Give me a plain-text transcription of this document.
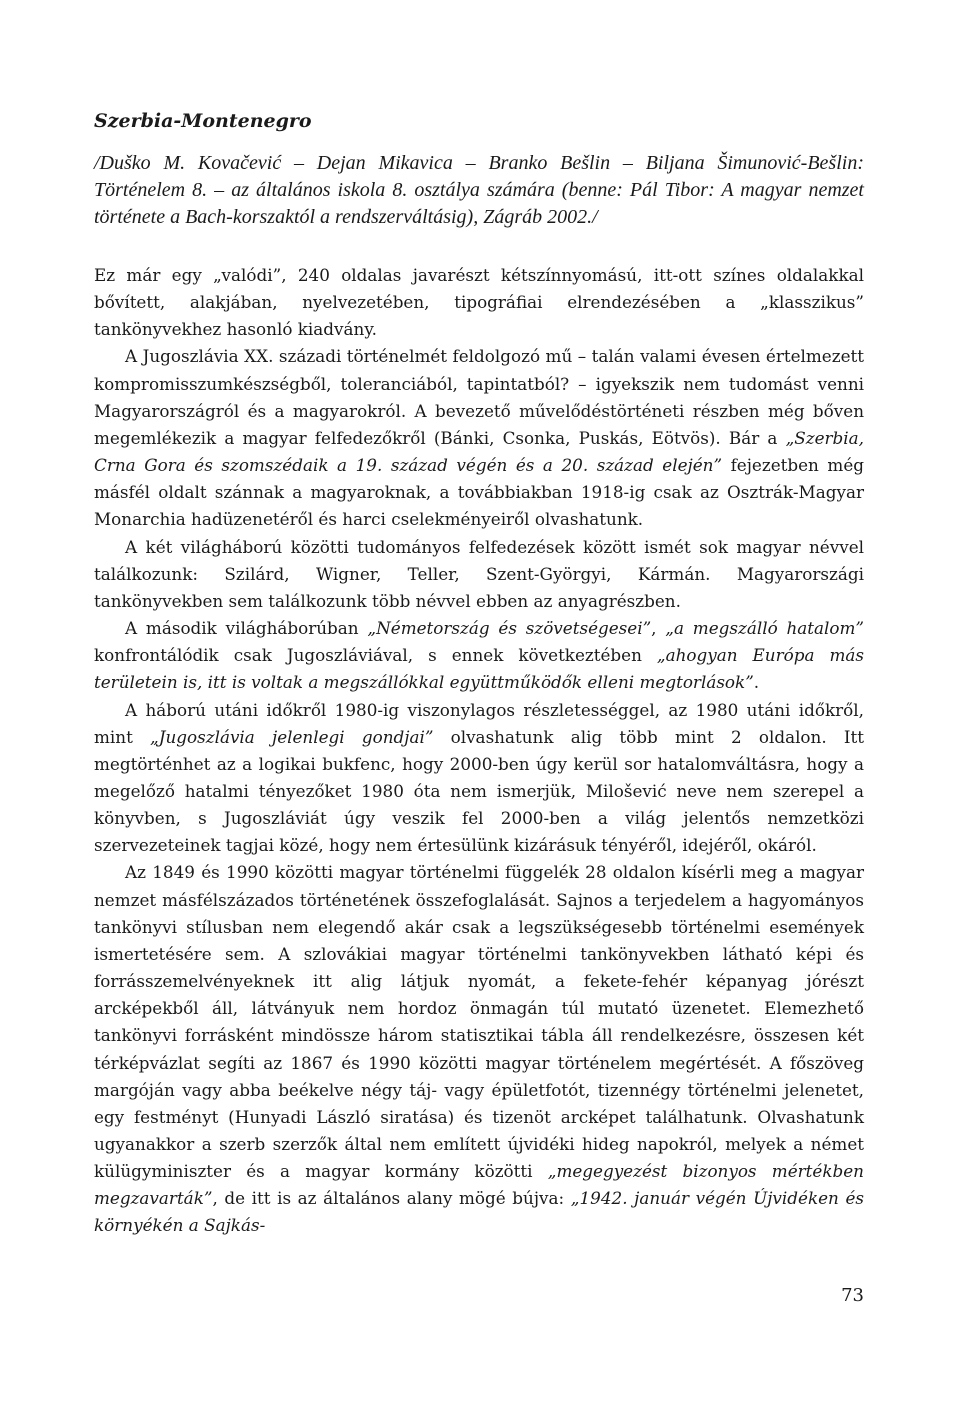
Szerbia-Montenegro

/Duško M. Kovačević – Dejan Mikavica – Branko Bešlin – Biljana Šimunović-Bešlin: Történelem 8. – az általános iskola 8. osztálya számára (benne: Pál Tibor: A magyar nemzet története a Bach-korszaktól a rendszerváltásig), Zágráb 2002./

Ez már egy „valódi”, 240 oldalas javarészt kétszínnyomású, itt-ott színes oldalakkal bővített, alakjában, nyelvezetében, tipográfiai elrendezésében a „klasszikus” tankönyvekhez hasonló kiadvány.

A Jugoszlávia XX. századi történelmét feldolgozó mű – talán valami évesen értelmezett kompromisszumkészségből, toleranciából, tapintatból? – igyekszik nem tudomást venni Magyarországról és a magyarokról. A bevezető művelődéstörténeti részben még bőven megemlékezik a magyar felfedezőkről (Bánki, Csonka, Puskás, Eötvös). Bár a „Szerbia, Crna Gora és szomszédaik a 19. század végén és a 20. század elején” fejezetben még másfél oldalt szánnak a magyaroknak, a továbbiakban 1918-ig csak az Osztrák-Magyar Monarchia hadüzenetéről és harci cselekményeiről olvashatunk.

A két világháború közötti tudományos felfedezések között ismét sok magyar névvel találkozunk: Szilárd, Wigner, Teller, Szent-Györgyi, Kármán. Magyarországi tankönyvekben sem találkozunk több névvel ebben az anyagrészben.

A második világháborúban „Németország és szövetségesei”, „a megszálló hatalom” konfrontálódik csak Jugoszláviával, s ennek következtében „ahogyan Európa más területein is, itt is voltak a megszállókkal együttműködők elleni megtorlások”.

A háború utáni időkről 1980-ig viszonylagos részletességgel, az 1980 utáni időkről, mint „Jugoszlávia jelenlegi gondjai” olvashatunk alig több mint 2 oldalon. Itt megtörténhet az a logikai bukfenc, hogy 2000-ben úgy kerül sor hatalomváltásra, hogy a megelőző hatalmi tényezőket 1980 óta nem ismerjük, Milošević neve nem szerepel a könyvben, s Jugoszláviát úgy veszik fel 2000-ben a világ jelentős nemzetközi szervezeteinek tagjai közé, hogy nem értesülünk kizárásuk tényéről, idejéről, okáról.

Az 1849 és 1990 közötti magyar történelmi függelék 28 oldalon kísérli meg a magyar nemzet másfélszázados történetének összefoglalását. Sajnos a terjedelem a hagyományos tankönyvi stílusban nem elegendő akár csak a legszükségesebb történelmi események ismertetésére sem. A szlovákiai magyar történelmi tankönyvekben látható képi és forrásszemelvényeknek itt alig látjuk nyomát, a fekete-fehér képanyag jórészt arcképekből áll, látványuk nem hordoz önmagán túl mutató üzenetet. Elemezhető tankönyvi forrásként mindössze három statisztikai tábla áll rendelkezésre, összesen két térképvázlat segíti az 1867 és 1990 közötti magyar történelem megértését. A főszöveg margóján vagy abba beékelve négy táj- vagy épületfotót, tizennégy történelmi jelenetet, egy festményt (Hunyadi László siratása) és tizenöt arcképet találhatunk. Olvashatunk ugyanakkor a szerb szerzők által nem említett újvidéki hideg napokról, melyek a német külügyminiszter és a magyar kormány közötti „megegyezést bizonyos mértékben megzavarták”, de itt is az általános alany mögé bújva: „1942. január végén Újvidéken és környékén a Sajkás-

73
